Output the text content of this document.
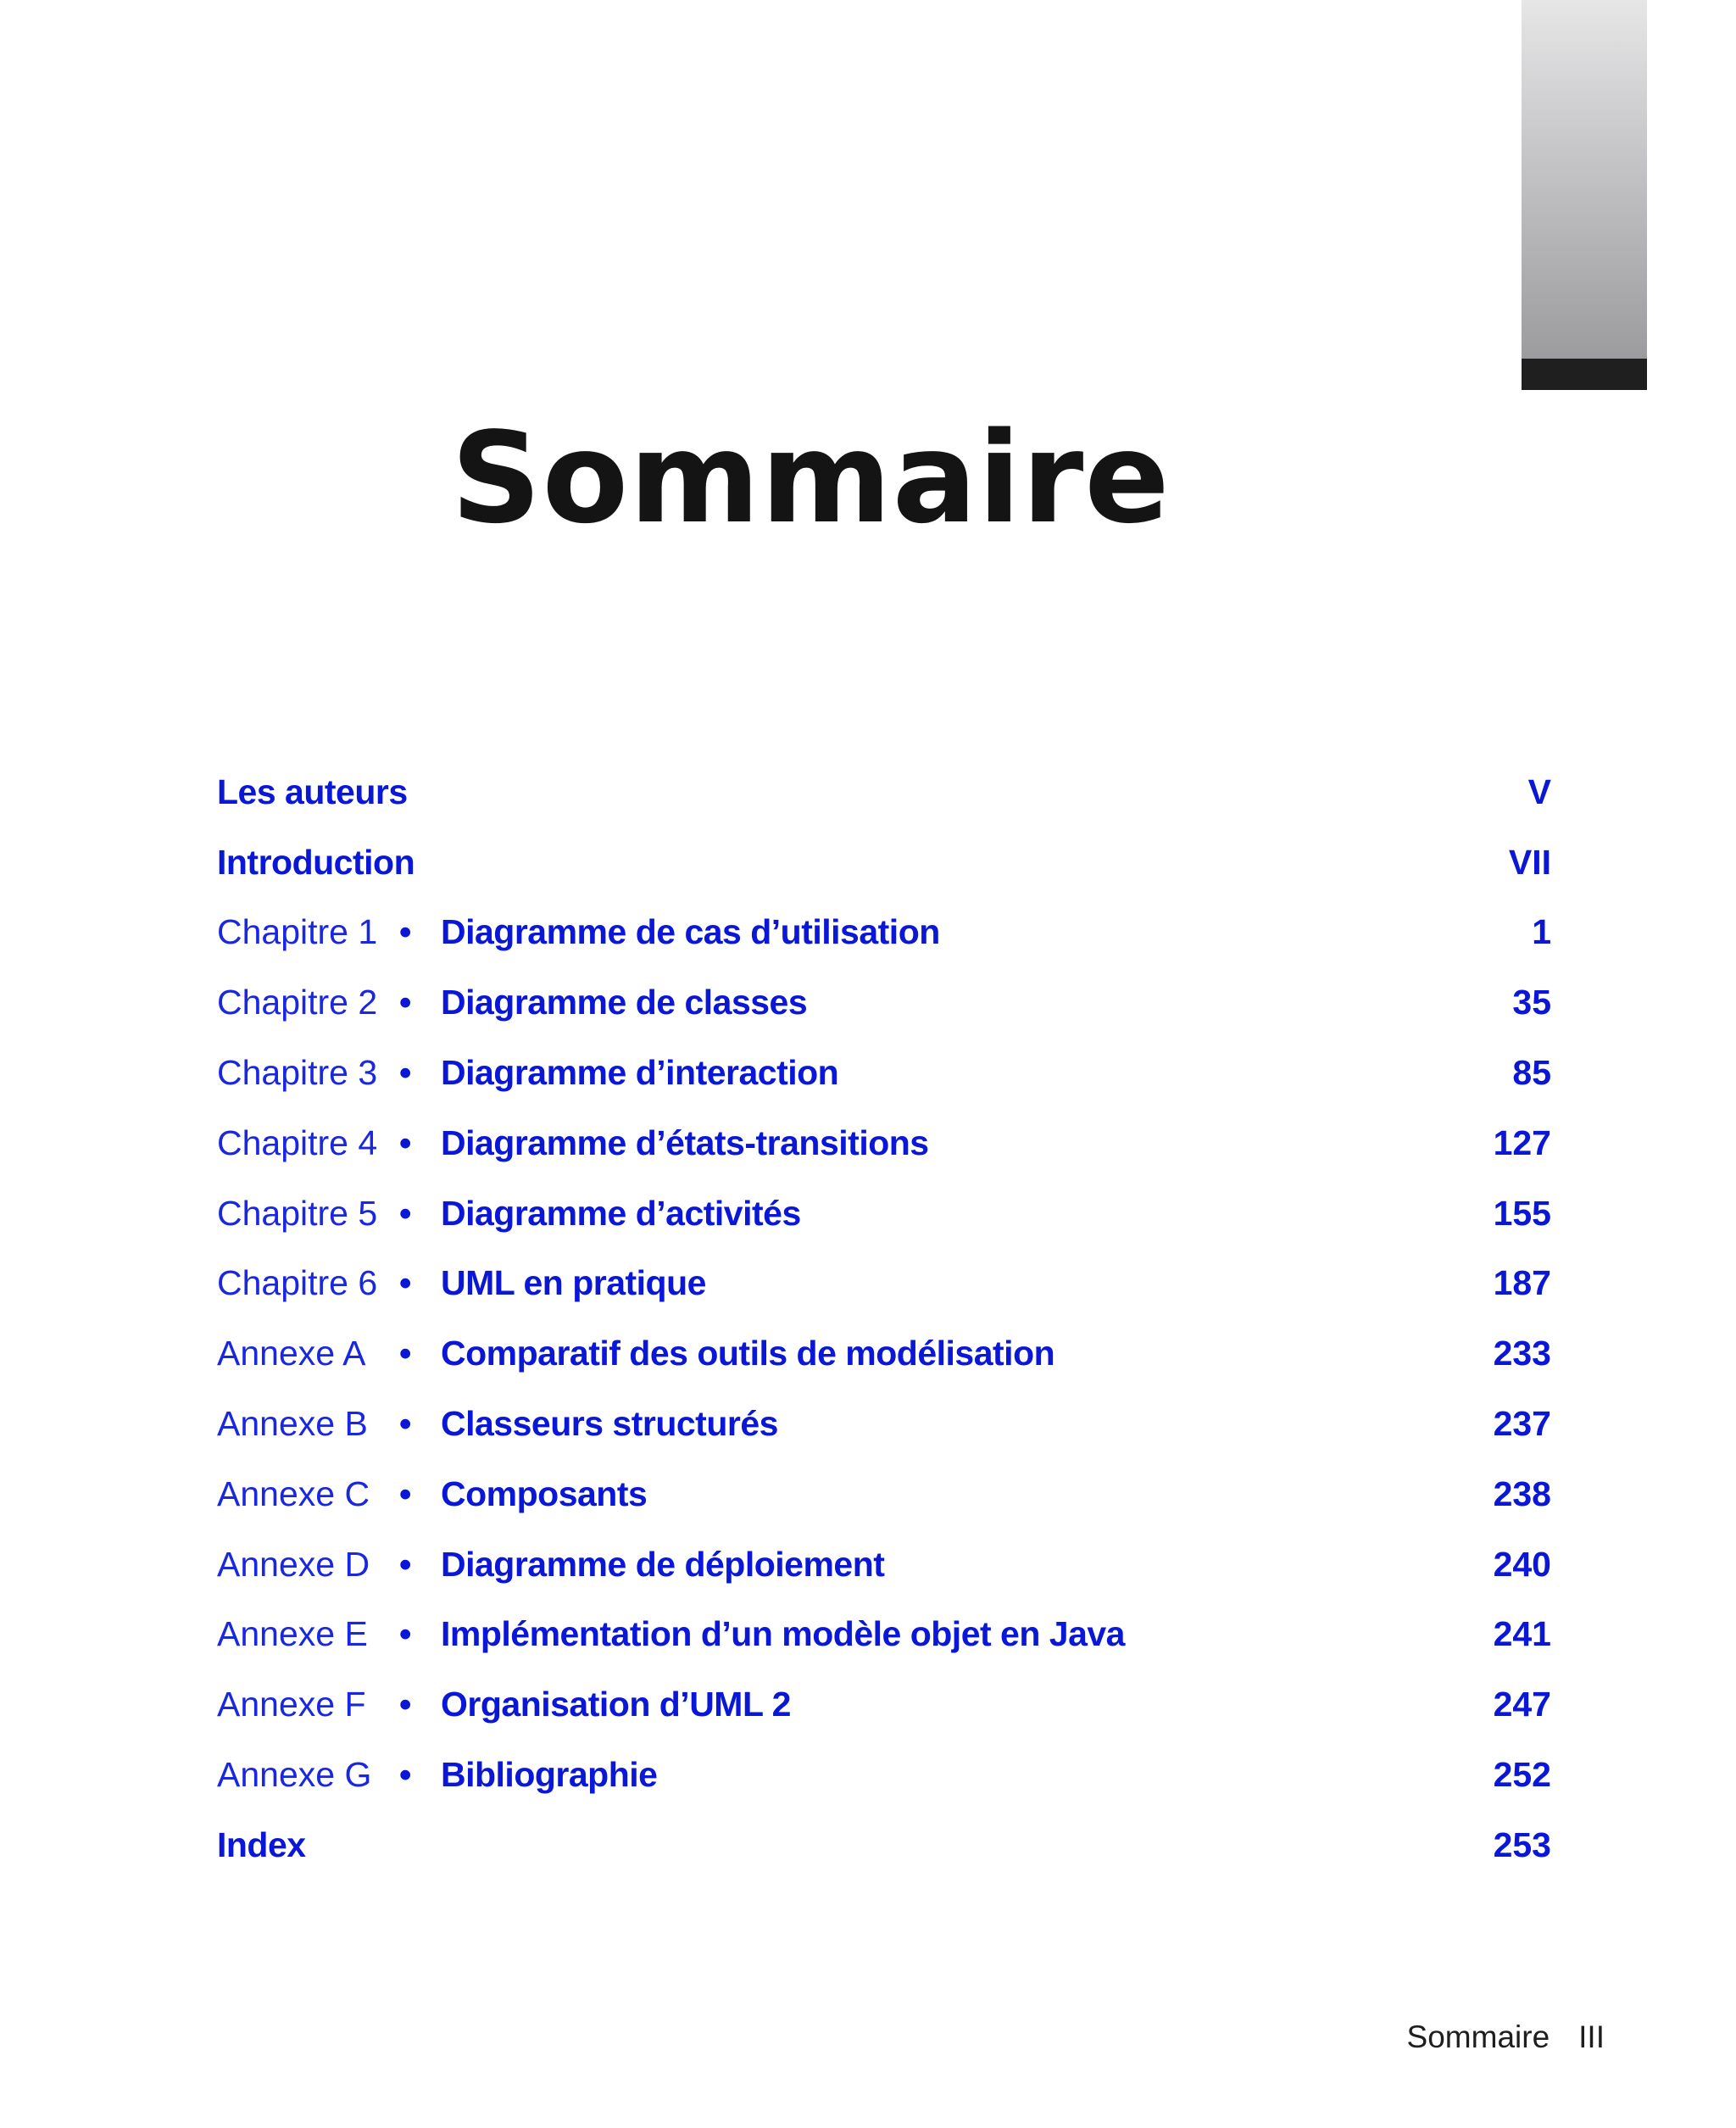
Sommaire
Les auteurs	V
Introduction	VII
Chapitre 1 • Diagramme de cas d’utilisation	1
Chapitre 2 • Diagramme de classes	35
Chapitre 3 • Diagramme d’interaction	85
Chapitre 4 • Diagramme d’états-transitions	127
Chapitre 5 • Diagramme d’activités	155
Chapitre 6 • UML en pratique	187
Annexe A • Comparatif des outils de modélisation	233
Annexe B • Classeurs structurés	237
Annexe C • Composants	238
Annexe D • Diagramme de déploiement	240
Annexe E • Implémentation d’un modèle objet en Java	241
Annexe F • Organisation d’UML 2	247
Annexe G • Bibliographie	252
Index	253
Sommaire III
